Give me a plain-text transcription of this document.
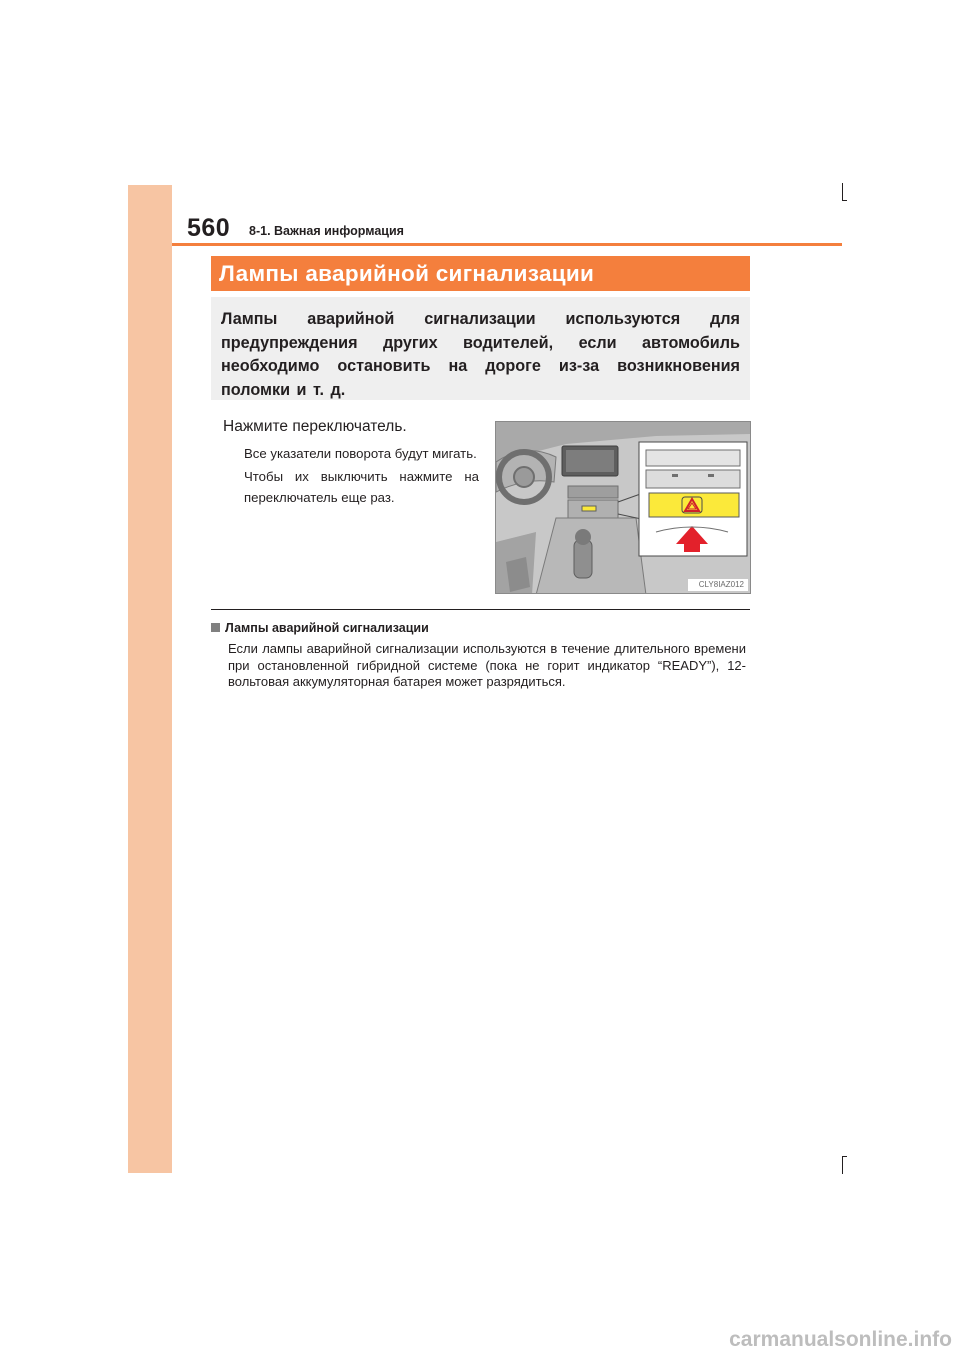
560 8-1. Важная информация
Лампы аварийной сигнализации
Лампы аварийной сигнализации используются для предупреждения других водителей, если автомобиль необходимо остановить на дороге из-за возникновения поломки и т. д.
Нажмите переключатель.

Все указатели поворота будут мигать.

Чтобы их выключить нажмите на переключатель еще раз.

CLY8IAZ012
Лампы аварийной сигнализации
Если лампы аварийной сигнализации используются в течение длительного времени при остановленной гибридной системе (пока не горит индикатор “READY”), 12-вольтовая аккумуляторная батарея может разрядиться.
carmanualsonline.info
